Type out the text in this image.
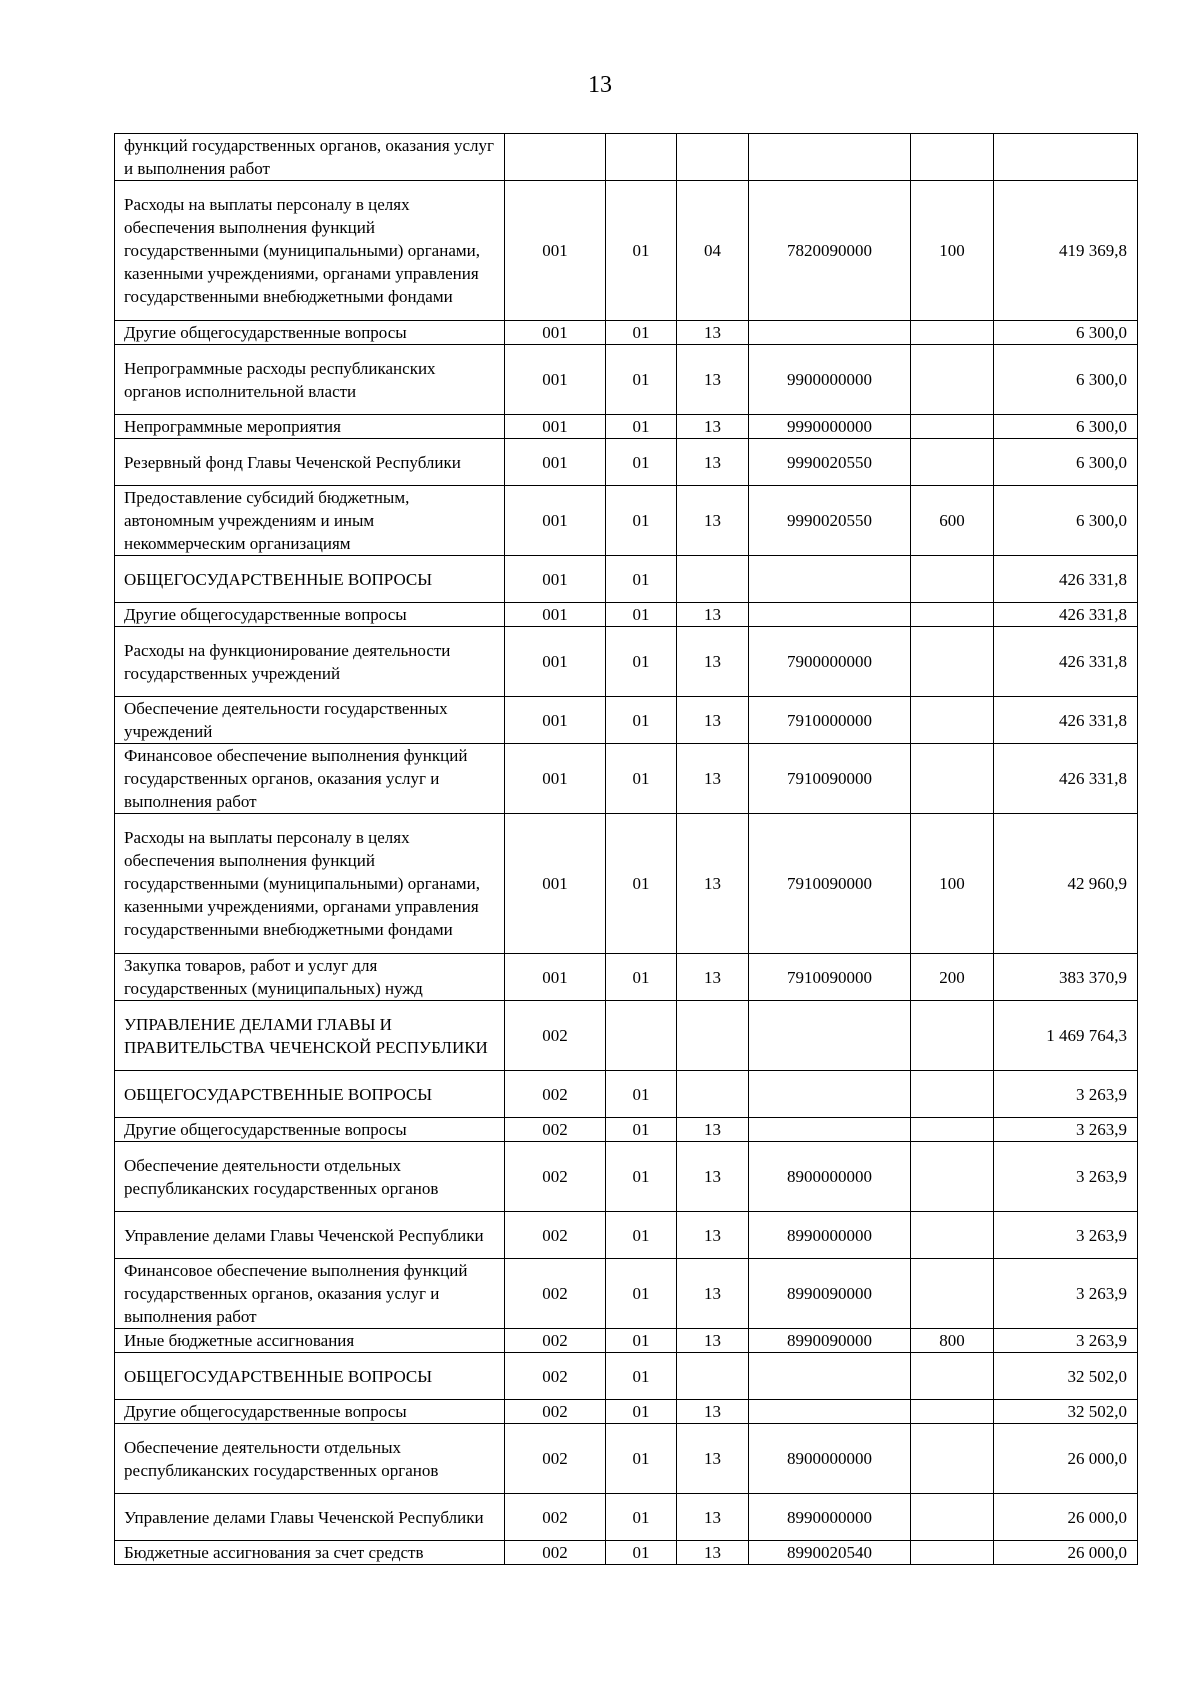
13
функций государственных органов, оказания услуг и выполнения работ						
Расходы на выплаты персоналу в целях обеспечения выполнения функций государственными (муниципальными) органами, казенными учреждениями, органами управления государственными внебюджетными фондами	001	01	04	7820090000	100	419 369,8
Другие общегосударственные вопросы	001	01	13			6 300,0
Непрограммные расходы республиканских органов исполнительной власти	001	01	13	9900000000		6 300,0
Непрограммные мероприятия	001	01	13	9990000000		6 300,0
Резервный фонд Главы Чеченской Республики	001	01	13	9990020550		6 300,0
Предоставление субсидий бюджетным, автономным учреждениям и иным некоммерческим организациям	001	01	13	9990020550	600	6 300,0
ОБЩЕГОСУДАРСТВЕННЫЕ ВОПРОСЫ	001	01				426 331,8
Другие общегосударственные вопросы	001	01	13			426 331,8
Расходы на функционирование деятельности государственных учреждений	001	01	13	7900000000		426 331,8
Обеспечение деятельности государственных учреждений	001	01	13	7910000000		426 331,8
Финансовое обеспечение выполнения функций государственных органов, оказания услуг и выполнения работ	001	01	13	7910090000		426 331,8
Расходы на выплаты персоналу в целях обеспечения выполнения функций государственными (муниципальными) органами, казенными учреждениями, органами управления государственными внебюджетными фондами	001	01	13	7910090000	100	42 960,9
Закупка товаров, работ и услуг для государственных (муниципальных) нужд	001	01	13	7910090000	200	383 370,9
УПРАВЛЕНИЕ ДЕЛАМИ ГЛАВЫ И ПРАВИТЕЛЬСТВА ЧЕЧЕНСКОЙ РЕСПУБЛИКИ	002					1 469 764,3
ОБЩЕГОСУДАРСТВЕННЫЕ ВОПРОСЫ	002	01				3 263,9
Другие общегосударственные вопросы	002	01	13			3 263,9
Обеспечение деятельности отдельных республиканских государственных органов	002	01	13	8900000000		3 263,9
Управление делами Главы Чеченской Республики	002	01	13	8990000000		3 263,9
Финансовое обеспечение выполнения функций государственных органов, оказания услуг и выполнения работ	002	01	13	8990090000		3 263,9
Иные бюджетные ассигнования	002	01	13	8990090000	800	3 263,9
ОБЩЕГОСУДАРСТВЕННЫЕ ВОПРОСЫ	002	01				32 502,0
Другие общегосударственные вопросы	002	01	13			32 502,0
Обеспечение деятельности отдельных республиканских государственных органов	002	01	13	8900000000		26 000,0
Управление делами Главы Чеченской Республики	002	01	13	8990000000		26 000,0
Бюджетные ассигнования за счет средств	002	01	13	8990020540		26 000,0
